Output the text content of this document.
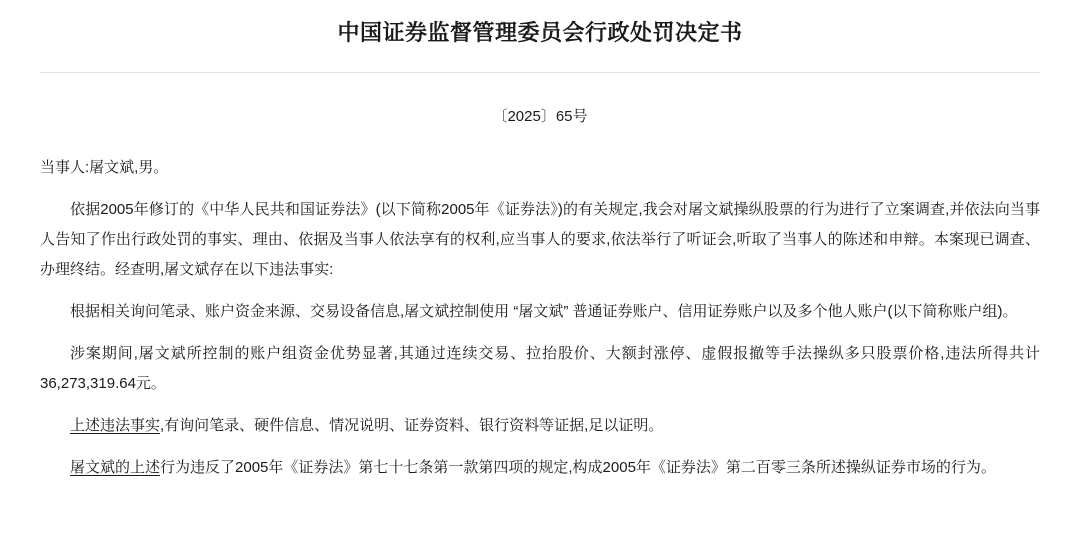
中国证券监督管理委员会行政处罚决定书
〔2025〕65号

当事人:屠文斌,男。

依据2005年修订的《中华人民共和国证券法》(以下简称2005年《证券法》)的有关规定,我会对屠文斌操纵股票的行为进行了立案调查,并依法向当事人告知了作出行政处罚的事实、理由、依据及当事人依法享有的权利,应当事人的要求,依法举行了听证会,听取了当事人的陈述和申辩。本案现已调查、办理终结。经查明,屠文斌存在以下违法事实:

根据相关询问笔录、账户资金来源、交易设备信息,屠文斌控制使用 “屠文斌” 普通证券账户、信用证券账户以及多个他人账户(以下简称账户组)。

涉案期间,屠文斌所控制的账户组资金优势显著,其通过连续交易、拉抬股价、大额封涨停、虚假报撤等手法操纵多只股票价格,违法所得共计36,273,319.64元。

上述违法事实,有询问笔录、硬件信息、情况说明、证券资料、银行资料等证据,足以证明。

屠文斌的上述行为违反了2005年《证券法》第七十七条第一款第四项的规定,构成2005年《证券法》第二百零三条所述操纵证券市场的行为。
